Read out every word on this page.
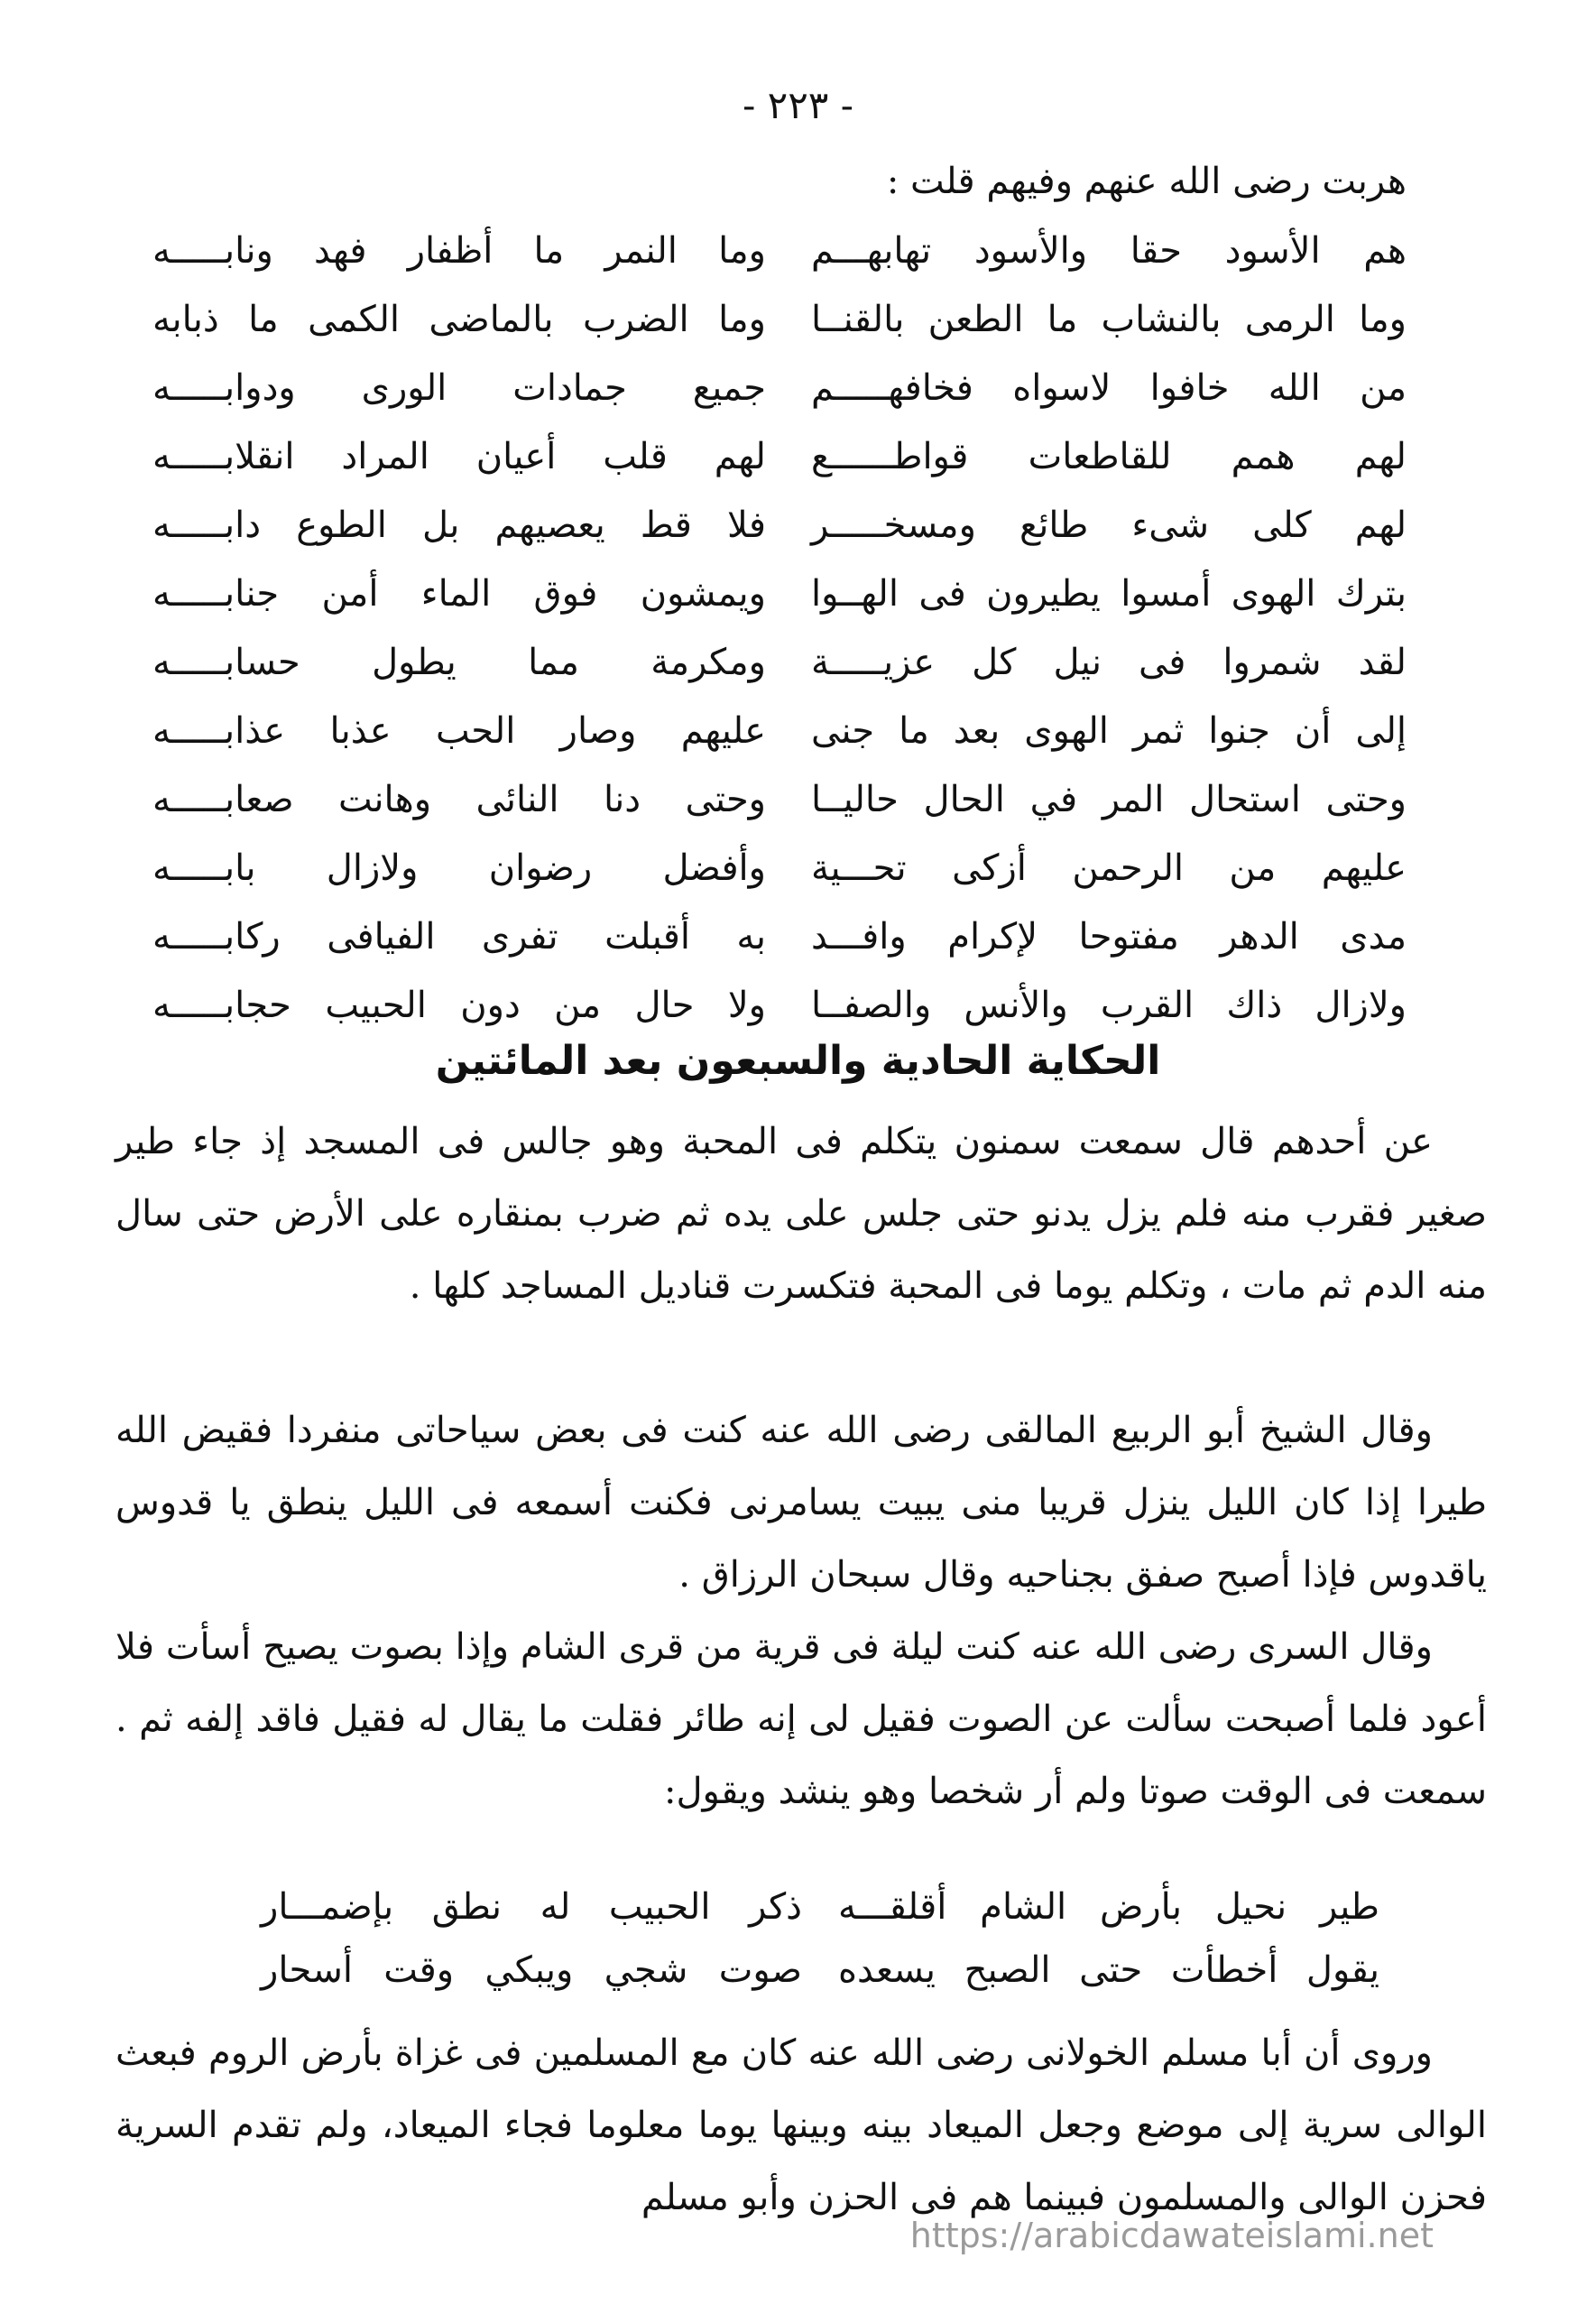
- ٢٢٣ -
هربت رضى الله عنهم وفيهم قلت :
هم الأسود حقا والأسود تهابهـــم
وما النمر ما أظفار فهد ونابـــــه
وما الرمى بالنشاب ما الطعن بالقنــا
وما الضرب بالماضى الكمى ما ذبابه
من الله خافوا لاسواه فخافهـــــم
جميع جمادات الورى ودوابـــــه
لهم همم للقاطعات قواطــــــع
لهم قلب أعيان المراد انقلابـــــه
لهم كلى شىء طائع ومسخـــــر
فلا قط يعصيهم بل الطوع دابـــــه
بترك الهوى أمسوا يطيرون فى الهــوا
ويمشون فوق الماء أمن جنابـــــه
لقد شمروا فى نيل كل عزيـــــة
ومكرمة مما يطول حسابـــــه
إلى أن جنوا ثمر الهوى بعد ما جنى
عليهم وصار الحب عذبا عذابـــــه
وحتى استحال المر في الحال حاليــا
وحتى دنا النائى وهانت صعابـــــه
عليهم من الرحمن أزكى تحـــية
وأفضل رضوان ولازال بابـــــه
مدى الدهر مفتوحا لإكرام وافـــد
به أقبلت تفرى الفيافى ركابـــــه
ولازال ذاك القرب والأنس والصفــا
ولا حال من دون الحبيب حجابـــــه
الحكاية الحادية والسبعون بعد المائتين

عن أحدهم قال سمعت سمنون يتكلم فى المحبة وهو جالس فى المسجد إذ جاء طير صغير فقرب منه فلم يزل يدنو حتى جلس على يده ثم ضرب بمنقاره على الأرض حتى سال منه الدم ثم مات ، وتكلم يوما فى المحبة فتكسرت قناديل المساجد كلها .

وقال الشيخ أبو الربيع المالقى رضى الله عنه كنت فى بعض سياحاتى منفردا فقيض الله طيرا إذا كان الليل ينزل قريبا منى يبيت يسامرنى فكنت أسمعه فى الليل ينطق يا قدوس ياقدوس فإذا أصبح صفق بجناحيه وقال سبحان الرزاق .

وقال السرى رضى الله عنه كنت ليلة فى قرية من قرى الشام وإذا بصوت يصيح أسأت فلا أعود فلما أصبحت سألت عن الصوت فقيل لى إنه طائر فقلت ما يقال له فقيل فاقد إلفه ثم . سمعت فى الوقت صوتا ولم أر شخصا وهو ينشد ويقول:

طير نحيل بأرض الشام أقلقـــه
ذكر الحبيب له نطق بإضمـــار
يقول أخطأت حتى الصبح يسعده
صوت شجي ويبكي وقت أسحار

وروى أن أبا مسلم الخولانى رضى الله عنه كان مع المسلمين فى غزاة بأرض الروم فبعث الوالى سرية إلى موضع وجعل الميعاد بينه وبينها يوما معلوما فجاء الميعاد، ولم تقدم السرية فحزن الوالى والمسلمون فبينما هم فى الحزن وأبو مسلم

https://arabicdawateislami.net
